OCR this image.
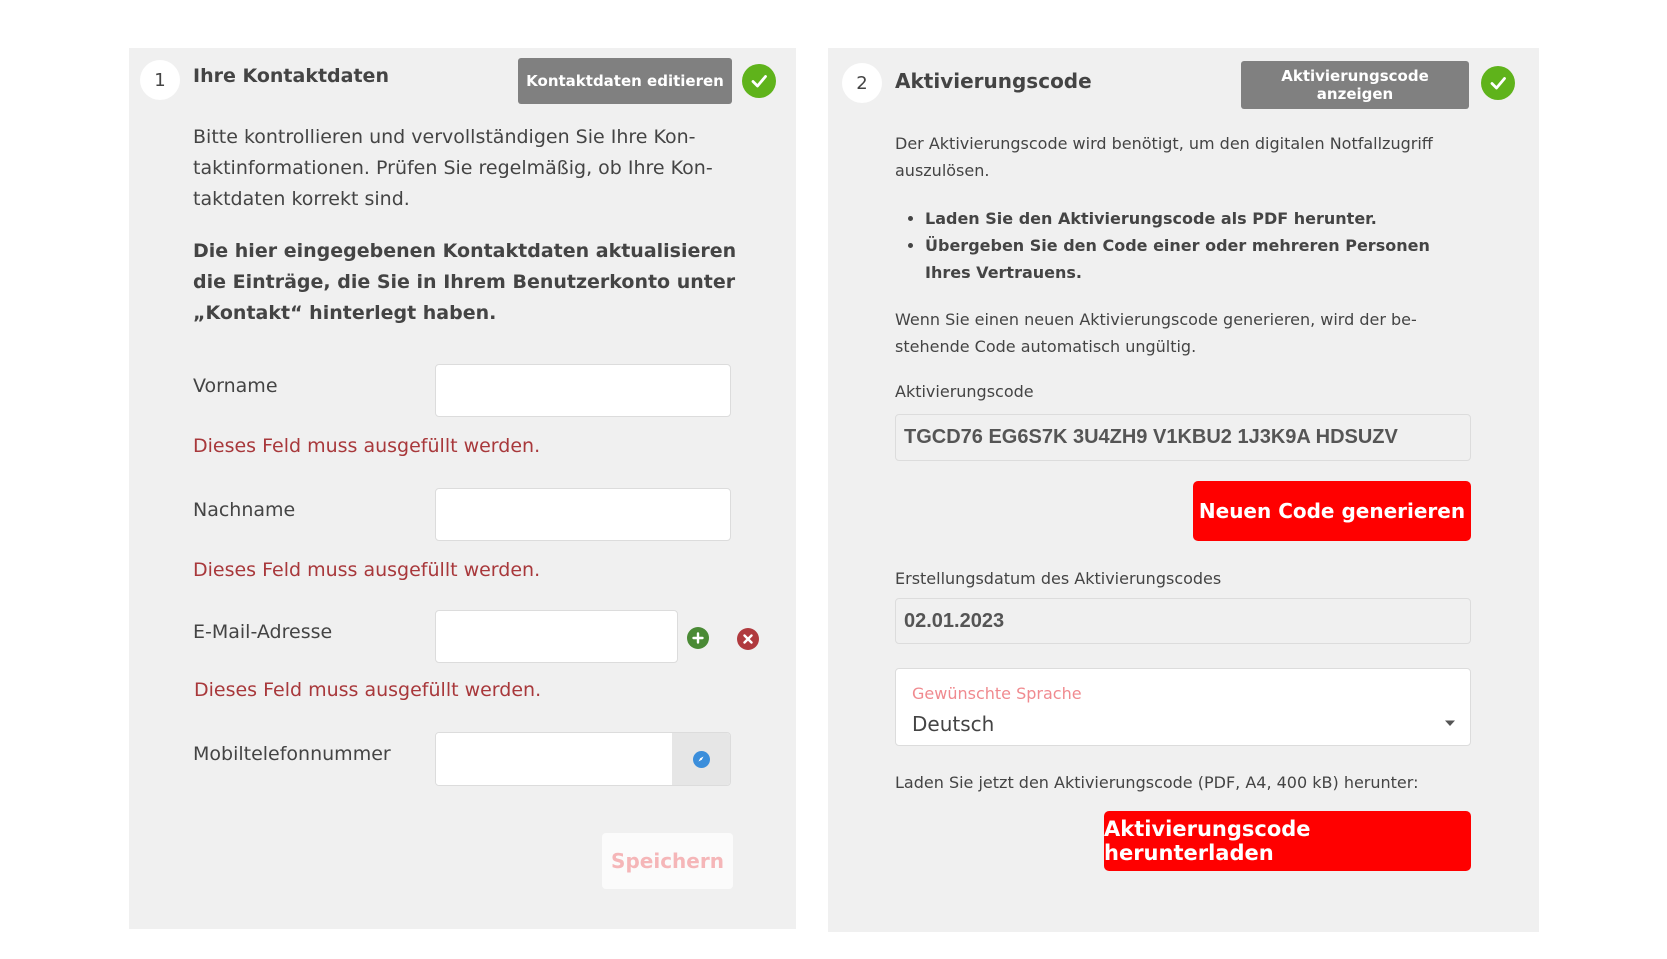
1 Ihre Kontaktdaten	Kontaktdaten editieren
Bitte kontrollieren und vervollständigen Sie Ihre Kon-
taktinformationen. Prüfen Sie regelmäßig, ob Ihre Kon-
taktdaten korrekt sind.
Die hier eingegebenen Kontaktdaten aktualisieren
die Einträge, die Sie in Ihrem Benutzerkonto unter
„Kontakt“ hinterlegt haben.
Vorname
Dieses Feld muss ausgefüllt werden.
Nachname
Dieses Feld muss ausgefüllt werden.
E-Mail-Adresse
Dieses Feld muss ausgefüllt werden.
Mobiltelefonnummer
Speichern
2 Aktivierungscode	Aktivierungscode anzeigen
Der Aktivierungscode wird benötigt, um den digitalen Notfallzugriff
auszulösen.
• Laden Sie den Aktivierungscode als PDF herunter.
• Übergeben Sie den Code einer oder mehreren Personen Ihres Vertrauens.
Wenn Sie einen neuen Aktivierungscode generieren, wird der be-
stehende Code automatisch ungültig.
Aktivierungscode
TGCD76 EG6S7K 3U4ZH9 V1KBU2 1J3K9A HDSUZV
Neuen Code generieren
Erstellungsdatum des Aktivierungscodes
02.01.2023
Gewünschte Sprache
Deutsch
Laden Sie jetzt den Aktivierungscode (PDF, A4, 400 kB) herunter:
Aktivierungscode herunterladen
